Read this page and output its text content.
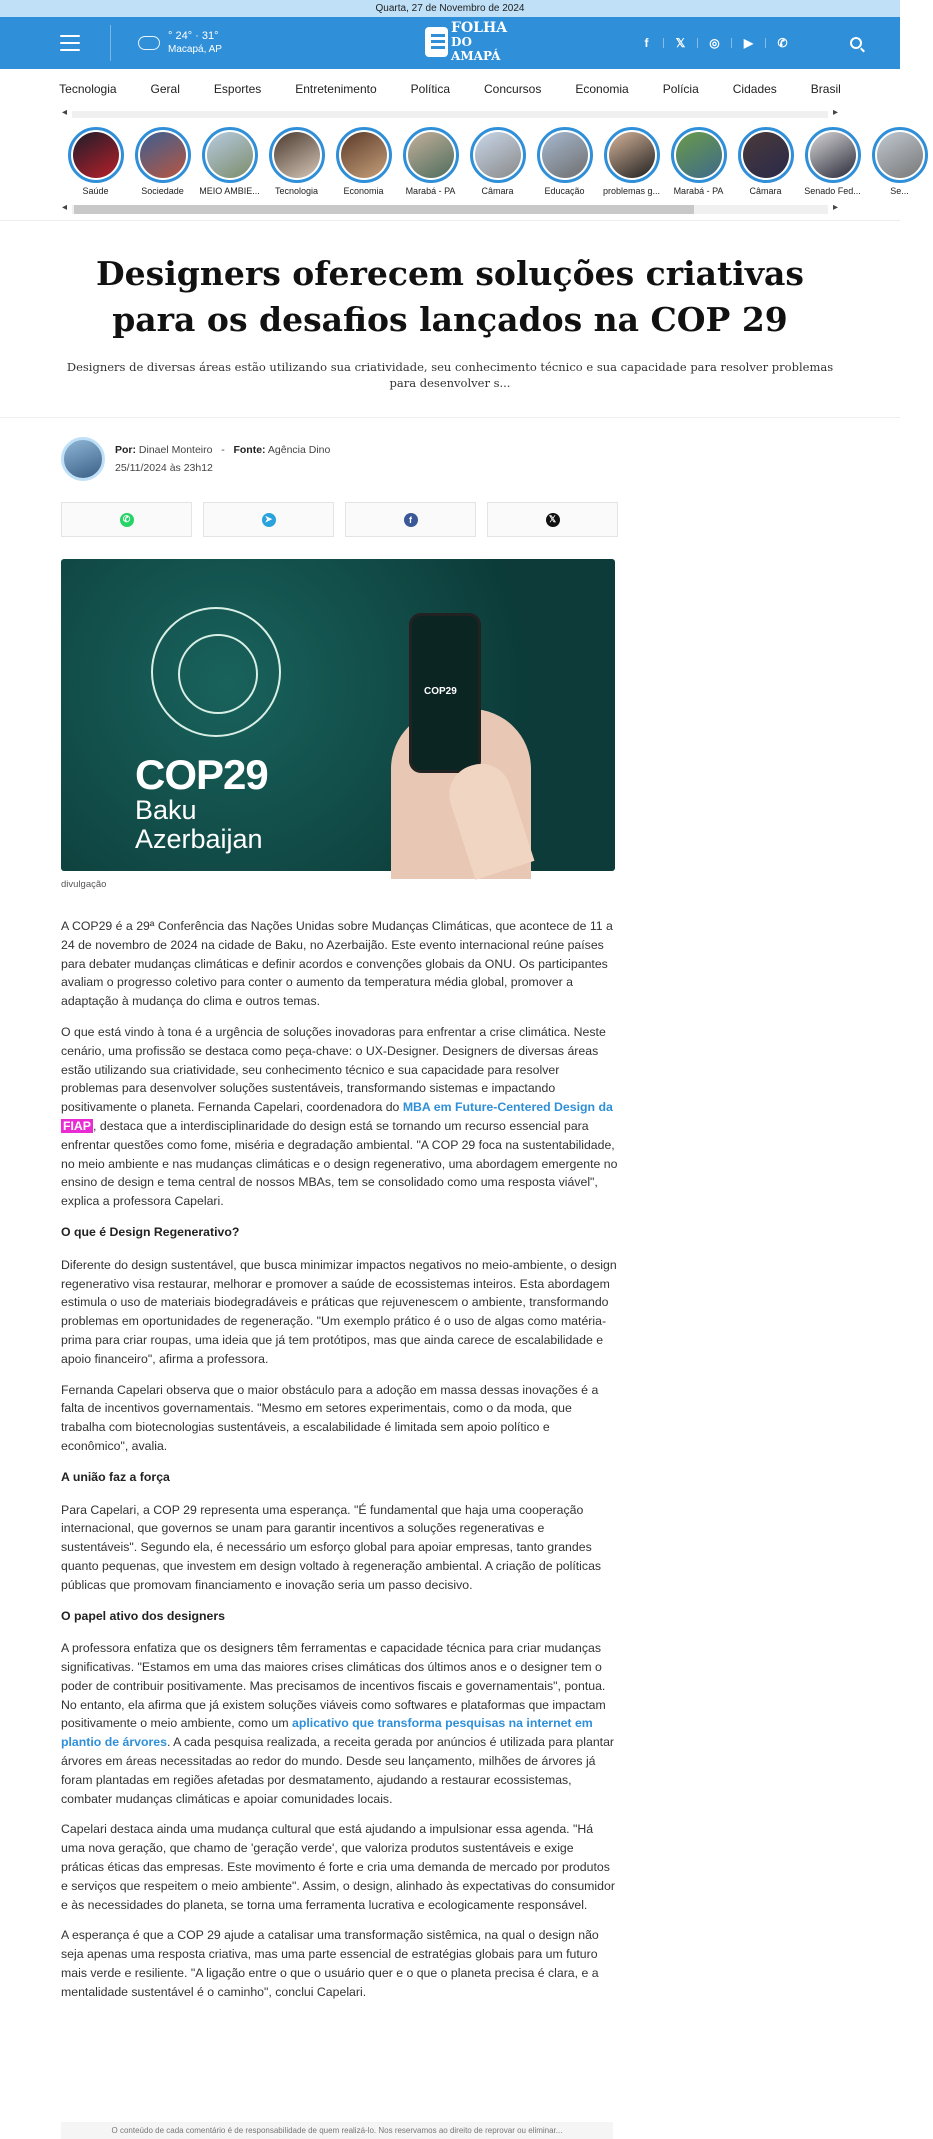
Quarta, 27 de Novembro de 2024
° 24° · 31°
Macapá, AP
FOLHA
DO AMAPÁ
f	𝕏	◎	▶	✆
Tecnologia	Geral	Esportes	Entretenimento	Política	Concursos	Economia	Polícia	Cidades	Brasil
◂	▸
Saúde	Sociedade	MEIO AMBIE...	Tecnologia	Economia	Marabá - PA	Câmara	Educação	problemas g...	Marabá - PA	Câmara	Senado Fed...	Se...
◂	▸
Designers oferecem soluções criativas para os desafios lançados na COP 29
Designers de diversas áreas estão utilizando sua criatividade, seu conhecimento técnico e sua capacidade para resolver problemas para desenvolver s...
Por: Dinael Monteiro   -   Fonte: Agência Dino
25/11/2024 às 23h12
✆	➤	f	𝕏
COP29
Baku
Azerbaijan
COP29
divulgação

A COP29 é a 29ª Conferência das Nações Unidas sobre Mudanças Climáticas, que acontece de 11 a 24 de novembro de 2024 na cidade de Baku, no Azerbaijão. Este evento internacional reúne países para debater mudanças climáticas e definir acordos e convenções globais da ONU. Os participantes avaliam o progresso coletivo para conter o aumento da temperatura média global, promover a adaptação à mudança do clima e outros temas.

O que está vindo à tona é a urgência de soluções inovadoras para enfrentar a crise climática. Neste cenário, uma profissão se destaca como peça-chave: o UX-Designer. Designers de diversas áreas estão utilizando sua criatividade, seu conhecimento técnico e sua capacidade para resolver problemas para desenvolver soluções sustentáveis, transformando sistemas e impactando positivamente o planeta. Fernanda Capelari, coordenadora do MBA em Future-Centered Design da FIAP , destaca que a interdisciplinaridade do design está se tornando um recurso essencial para enfrentar questões como fome, miséria e degradação ambiental. "A COP 29 foca na sustentabilidade, no meio ambiente e nas mudanças climáticas e o design regenerativo, uma abordagem emergente no ensino de design e tema central de nossos MBAs, tem se consolidado como uma resposta viável", explica a professora Capelari.

O que é Design Regenerativo?

Diferente do design sustentável, que busca minimizar impactos negativos no meio-ambiente, o design regenerativo visa restaurar, melhorar e promover a saúde de ecossistemas inteiros. Esta abordagem estimula o uso de materiais biodegradáveis e práticas que rejuvenescem o ambiente, transformando problemas em oportunidades de regeneração. "Um exemplo prático é o uso de algas como matéria-prima para criar roupas, uma ideia que já tem protótipos, mas que ainda carece de escalabilidade e apoio financeiro", afirma a professora.

Fernanda Capelari observa que o maior obstáculo para a adoção em massa dessas inovações é a falta de incentivos governamentais. "Mesmo em setores experimentais, como o da moda, que trabalha com biotecnologias sustentáveis, a escalabilidade é limitada sem apoio político e econômico", avalia.

A união faz a força

Para Capelari, a COP 29 representa uma esperança. "É fundamental que haja uma cooperação internacional, que governos se unam para garantir incentivos a soluções regenerativas e sustentáveis". Segundo ela, é necessário um esforço global para apoiar empresas, tanto grandes quanto pequenas, que investem em design voltado à regeneração ambiental. A criação de políticas públicas que promovam financiamento e inovação seria um passo decisivo.

O papel ativo dos designers

A professora enfatiza que os designers têm ferramentas e capacidade técnica para criar mudanças significativas. "Estamos em uma das maiores crises climáticas dos últimos anos e o designer tem o poder de contribuir positivamente. Mas precisamos de incentivos fiscais e governamentais", pontua. No entanto, ela afirma que já existem soluções viáveis como softwares e plataformas que impactam positivamente o meio ambiente, como um aplicativo que transforma pesquisas na internet em plantio de árvores. A cada pesquisa realizada, a receita gerada por anúncios é utilizada para plantar árvores em áreas necessitadas ao redor do mundo. Desde seu lançamento, milhões de árvores já foram plantadas em regiões afetadas por desmatamento, ajudando a restaurar ecossistemas, combater mudanças climáticas e apoiar comunidades locais.

Capelari destaca ainda uma mudança cultural que está ajudando a impulsionar essa agenda. "Há uma nova geração, que chamo de 'geração verde', que valoriza produtos sustentáveis e exige práticas éticas das empresas. Este movimento é forte e cria uma demanda de mercado por produtos e serviços que respeitem o meio ambiente". Assim, o design, alinhado às expectativas do consumidor e às necessidades do planeta, se torna uma ferramenta lucrativa e ecologicamente responsável.

A esperança é que a COP 29 ajude a catalisar uma transformação sistêmica, na qual o design não seja apenas uma resposta criativa, mas uma parte essencial de estratégias globais para um futuro mais verde e resiliente. "A ligação entre o que o usuário quer e o que o planeta precisa é clara, e a mentalidade sustentável é o caminho", conclui Capelari.

O conteúdo de cada comentário é de responsabilidade de quem realizá-lo. Nos reservamos ao direito de reprovar ou eliminar...
